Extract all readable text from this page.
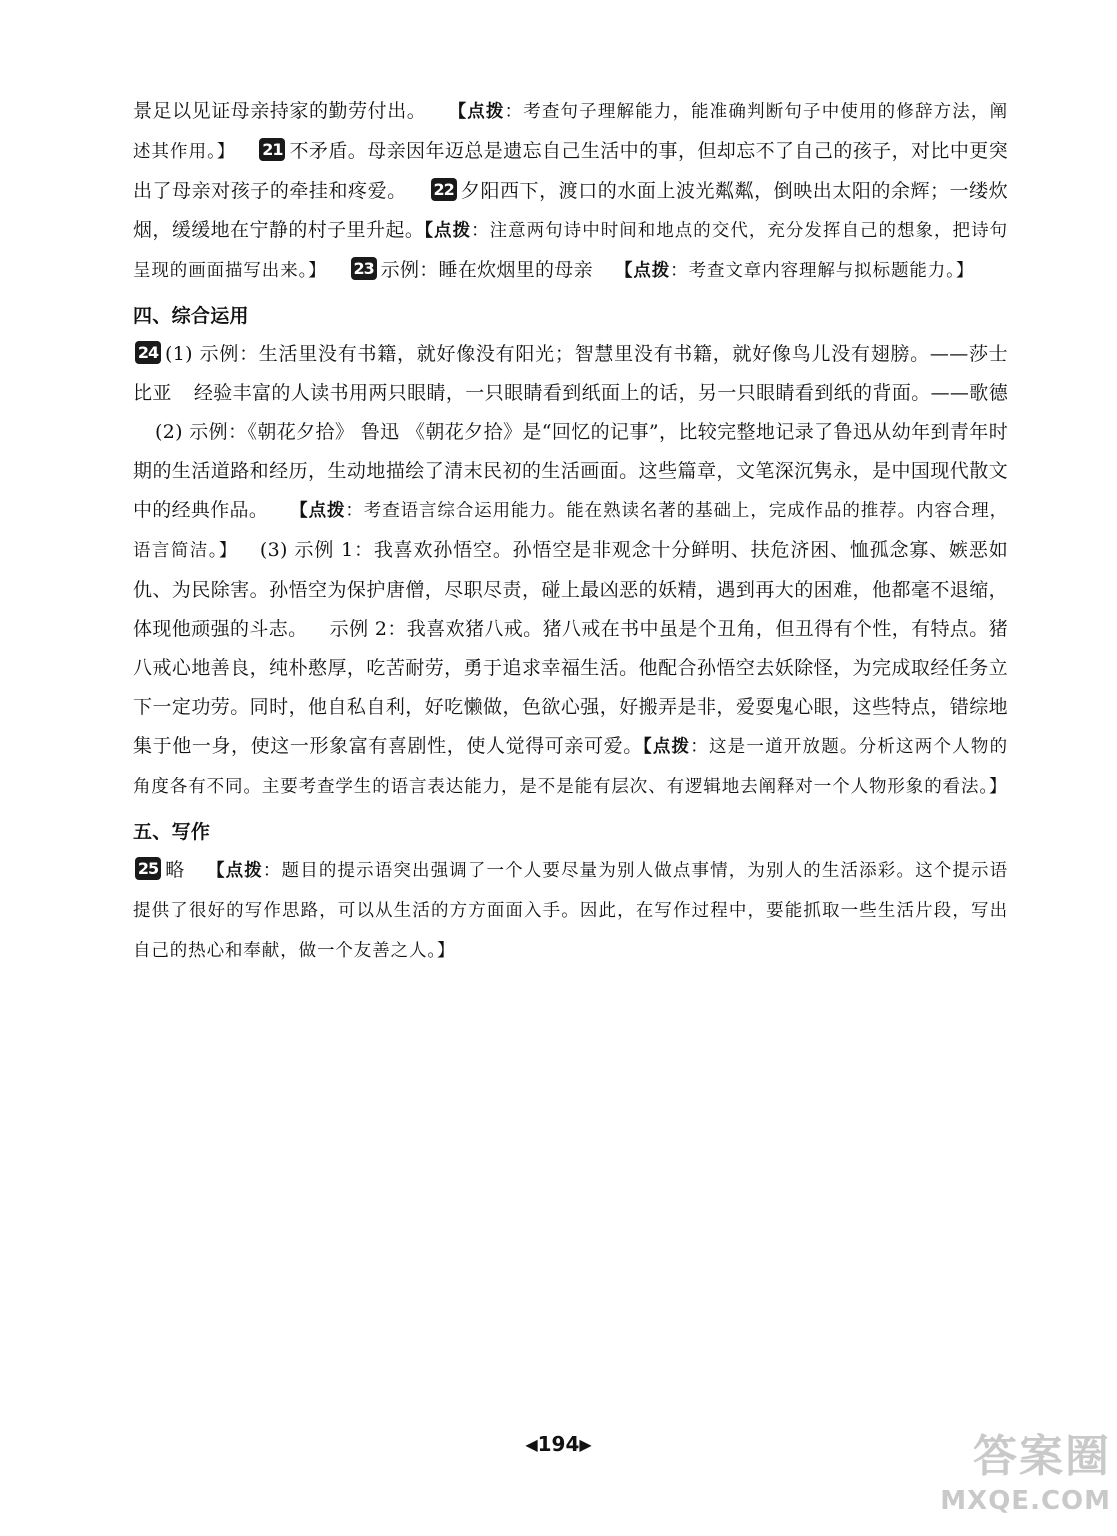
景足以见证母亲持家的勤劳付出。 【点拨：考查句子理解能力，能准确判断句子中使用的修辞方法，阐述其作用。】 21 不矛盾。母亲因年迈总是遗忘自己生活中的事，但却忘不了自己的孩子，对比中更突出了母亲对孩子的牵挂和疼爱。 22 夕阳西下，渡口的水面上波光粼粼，倒映出太阳的余辉；一缕炊烟，缓缓地在宁静的村子里升起。【点拨：注意两句诗中时间和地点的交代，充分发挥自己的想象，把诗句呈现的画面描写出来。】 23 示例：睡在炊烟里的母亲 【点拨：考查文章内容理解与拟标题能力。】

四、综合运用

24 (1) 示例：生活里没有书籍，就好像没有阳光；智慧里没有书籍，就好像鸟儿没有翅膀。——莎士比亚 经验丰富的人读书用两只眼睛，一只眼睛看到纸面上的话，另一只眼睛看到纸的背面。——歌德(2) 示例：《朝花夕拾》 鲁迅 《朝花夕拾》是“回忆的记事”，比较完整地记录了鲁迅从幼年到青年时期的生活道路和经历，生动地描绘了清末民初的生活画面。这些篇章，文笔深沉隽永，是中国现代散文中的经典作品。 【点拨：考查语言综合运用能力。能在熟读名著的基础上，完成作品的推荐。内容合理，语言简洁。】 (3) 示例 1：我喜欢孙悟空。孙悟空是非观念十分鲜明、扶危济困、恤孤念寡、嫉恶如仇、为民除害。孙悟空为保护唐僧，尽职尽责，碰上最凶恶的妖精，遇到再大的困难，他都毫不退缩，体现他顽强的斗志。 示例 2：我喜欢猪八戒。猪八戒在书中虽是个丑角，但丑得有个性，有特点。猪八戒心地善良，纯朴憨厚，吃苦耐劳，勇于追求幸福生活。他配合孙悟空去妖除怪，为完成取经任务立下一定功劳。同时，他自私自利，好吃懒做，色欲心强，好搬弄是非，爱耍鬼心眼，这些特点，错综地集于他一身，使这一形象富有喜剧性，使人觉得可亲可爱。【点拨：这是一道开放题。分析这两个人物的角度各有不同。主要考查学生的语言表达能力，是不是能有层次、有逻辑地去阐释对一个人物形象的看法。】

五、写作

25 略 【点拨：题目的提示语突出强调了一个人要尽量为别人做点事情，为别人的生活添彩。这个提示语提供了很好的写作思路，可以从生活的方方面面入手。因此，在写作过程中，要能抓取一些生活片段，写出自己的热心和奉献，做一个友善之人。】

◀194▶	答案圈
MXQE.COM
